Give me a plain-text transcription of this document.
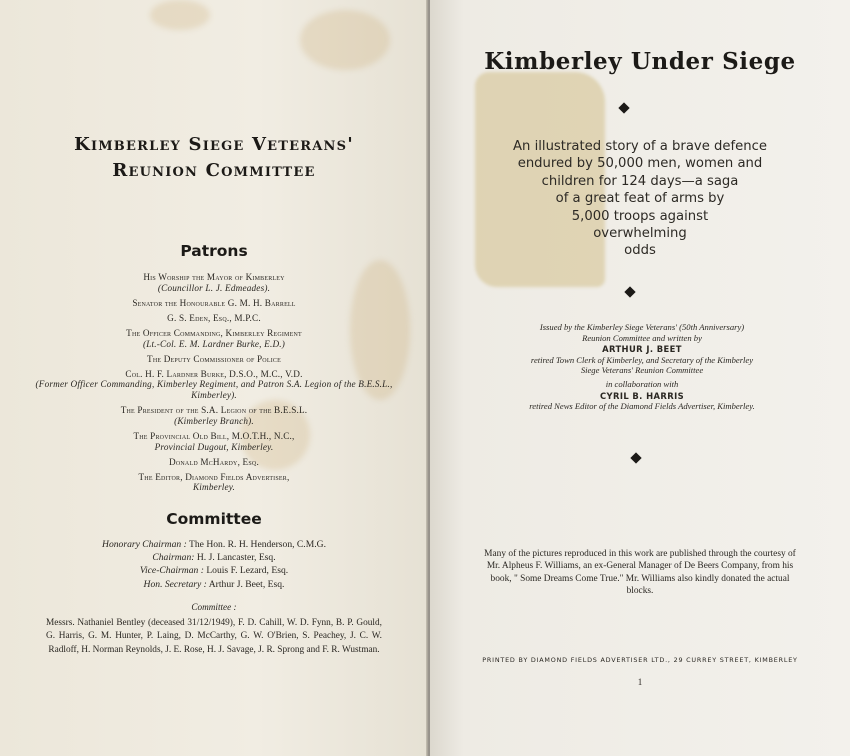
Kimberley Siege Veterans'
Reunion Committee
Patrons
His Worship the Mayor of Kimberley
(Councillor L. J. Edmeades).
Senator the Honourable G. M. H. Barrell
G. S. Eden, Esq., M.P.C.
The Officer Commanding, Kimberley Regiment
(Lt.-Col. E. M. Lardner Burke, E.D.)
The Deputy Commissioner of Police
Col. H. F. Lardner Burke, D.S.O., M.C., V.D.
(Former Officer Commanding, Kimberley Regiment, and Patron S.A. Legion of the B.E.S.L., Kimberley).
The President of the S.A. Legion of the B.E.S.L.
(Kimberley Branch).
The Provincial Old Bill, M.O.T.H., N.C.,
Provincial Dugout, Kimberley.
Donald McHardy, Esq.
The Editor, Diamond Fields Advertiser,
Kimberley.
Committee
Honorary Chairman : The Hon. R. H. Henderson, C.M.G.
Chairman: H. J. Lancaster, Esq.
Vice-Chairman : Louis F. Lezard, Esq.
Hon. Secretary : Arthur J. Beet, Esq.
Committee :
Messrs. Nathaniel Bentley (deceased 31/12/1949), F. D. Cahill, W. D. Fynn, B. P. Gould, G. Harris, G. M. Hunter, P. Laing, D. McCarthy, G. W. O'Brien, S. Peachey, J. C. W. Radloff, H. Norman Reynolds, J. E. Rose, H. J. Savage, J. R. Sprong and F. R. Wustman.
Kimberley Under Siege
An illustrated story of a brave defence
endured by 50,000 men, women and
children for 124 days—a saga
of a great feat of arms by
5,000 troops against
overwhelming
odds
Issued by the Kimberley Siege Veterans' (50th Anniversary)
Reunion Committee and written by
ARTHUR J. BEET
retired Town Clerk of Kimberley, and Secretary of the Kimberley
Siege Veterans' Reunion Committee
in collaboration with
CYRIL B. HARRIS
retired News Editor of the Diamond Fields Advertiser, Kimberley.
Many of the pictures reproduced in this work are published through the courtesy of Mr. Alpheus F. Williams, an ex-General Manager of De Beers Company, from his book, " Some Dreams Come True." Mr. Williams also kindly donated the actual blocks.
PRINTED BY DIAMOND FIELDS ADVERTISER LTD., 29 CURREY STREET, KIMBERLEY
1
